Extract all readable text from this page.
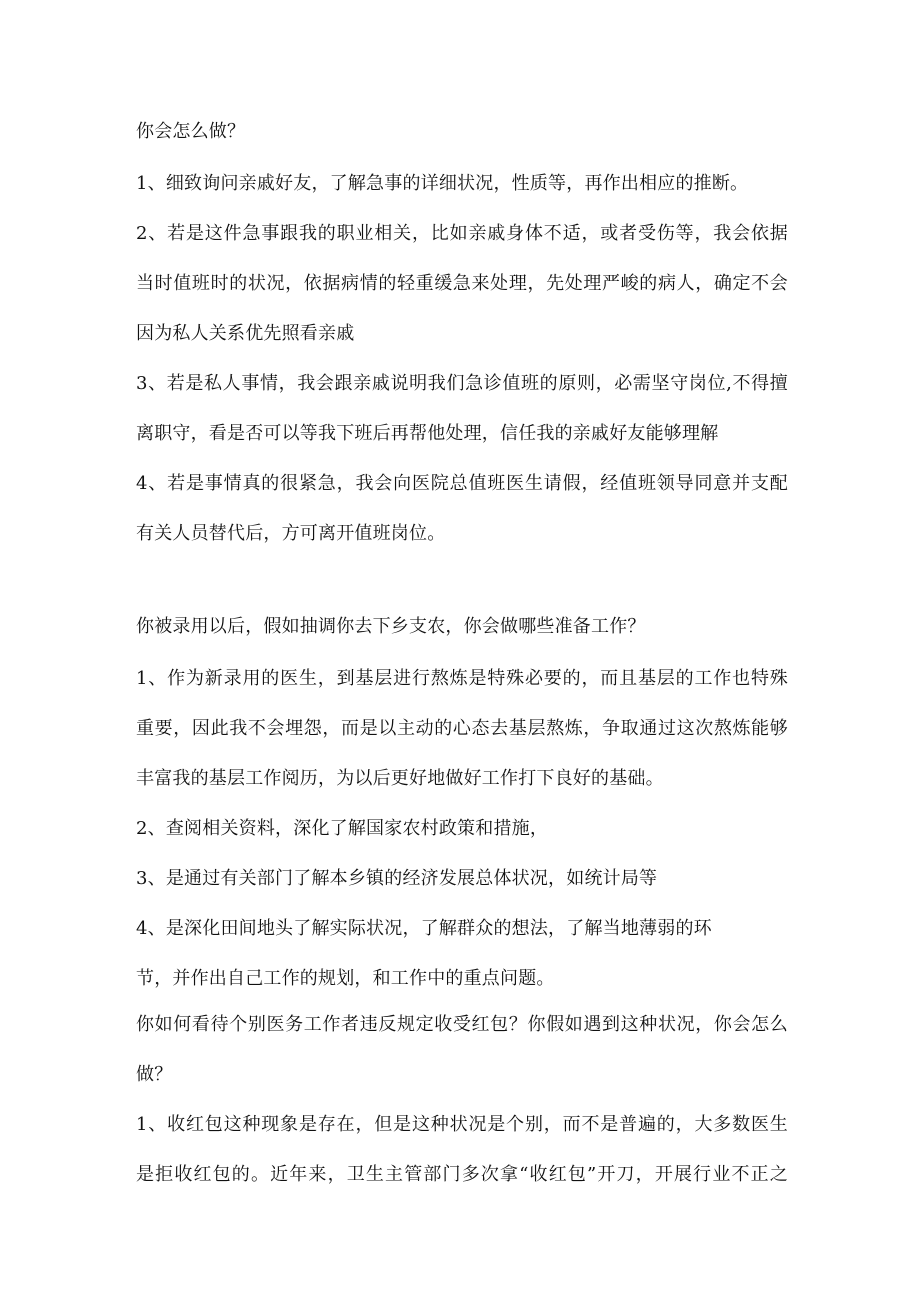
你会怎么做？
1、细致询问亲戚好友，了解急事的详细状况，性质等，再作出相应的推断。
2、若是这件急事跟我的职业相关，比如亲戚身体不适，或者受伤等，我会依据
当时值班时的状况，依据病情的轻重缓急来处理，先处理严峻的病人，确定不会
因为私人关系优先照看亲戚
3、若是私人事情，我会跟亲戚说明我们急诊值班的原则，必需坚守岗位,不得擅
离职守，看是否可以等我下班后再帮他处理，信任我的亲戚好友能够理解
4、若是事情真的很紧急，我会向医院总值班医生请假，经值班领导同意并支配
有关人员替代后，方可离开值班岗位。
你被录用以后，假如抽调你去下乡支农，你会做哪些准备工作？
1、作为新录用的医生，到基层进行熬炼是特殊必要的，而且基层的工作也特殊
重要，因此我不会埋怨，而是以主动的心态去基层熬炼，争取通过这次熬炼能够
丰富我的基层工作阅历，为以后更好地做好工作打下良好的基础。
2、查阅相关资料，深化了解国家农村政策和措施，
3、是通过有关部门了解本乡镇的经济发展总体状况，如统计局等
4、是深化田间地头了解实际状况，了解群众的想法，了解当地薄弱的环
节，并作出自己工作的规划，和工作中的重点问题。
你如何看待个别医务工作者违反规定收受红包？你假如遇到这种状况，你会怎么
做？
1、收红包这种现象是存在，但是这种状况是个别，而不是普遍的，大多数医生
是拒收红包的。近年来，卫生主管部门多次拿“收红包”开刀，开展行业不正之
